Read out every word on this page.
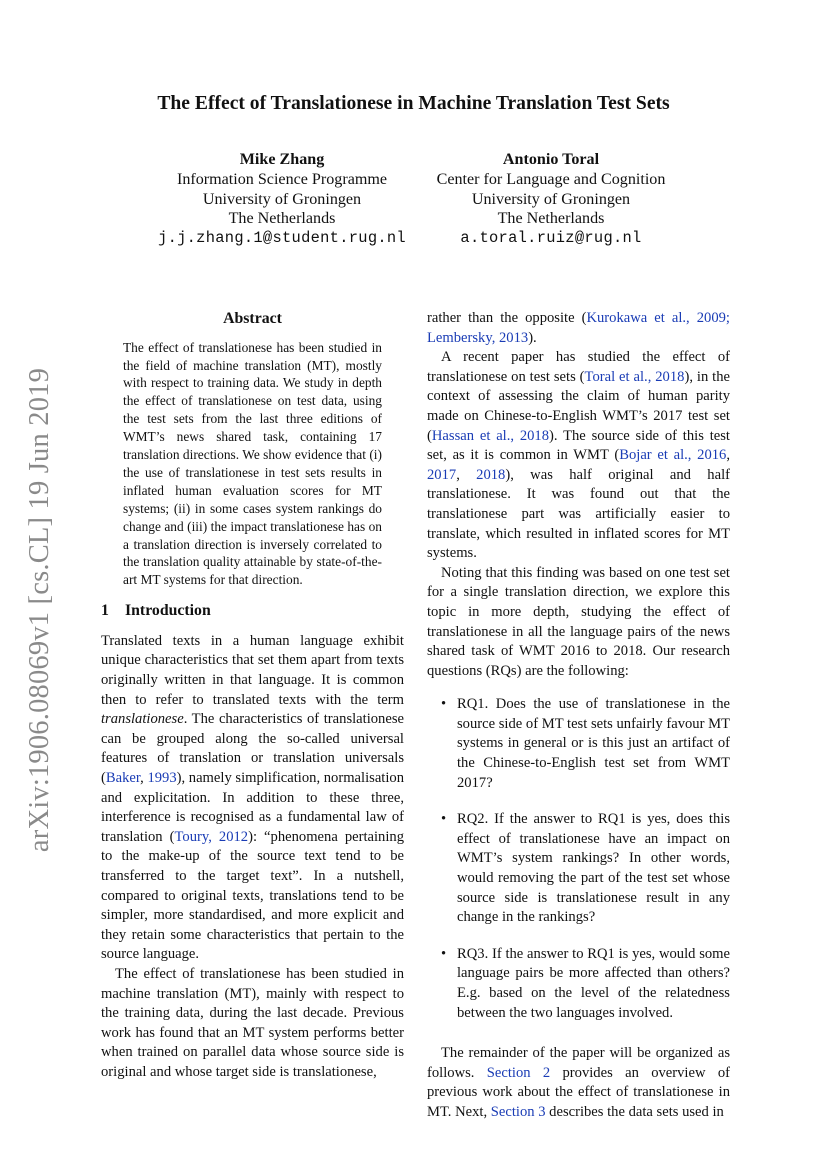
arXiv:1906.08069v1 [cs.CL] 19 Jun 2019
The Effect of Translationese in Machine Translation Test Sets
Mike Zhang
Information Science Programme
University of Groningen
The Netherlands
j.j.zhang.1@student.rug.nl
Antonio Toral
Center for Language and Cognition
University of Groningen
The Netherlands
a.toral.ruiz@rug.nl
Abstract

The effect of translationese has been studied in the field of machine translation (MT), mostly with respect to training data. We study in depth the effect of translationese on test data, using the test sets from the last three editions of WMT’s news shared task, containing 17 translation directions. We show evidence that (i) the use of translationese in test sets results in inflated human evaluation scores for MT systems; (ii) in some cases system rankings do change and (iii) the impact translationese has on a translation direction is inversely correlated to the translation quality attainable by state-of-the-art MT systems for that direction.

1 Introduction

Translated texts in a human language exhibit unique characteristics that set them apart from texts originally written in that language. It is common then to refer to translated texts with the term translationese. The characteristics of translationese can be grouped along the so-called universal features of translation or translation universals (Baker, 1993), namely simplification, normalisation and explicitation. In addition to these three, interference is recognised as a fundamental law of translation (Toury, 2012): “phenomena pertaining to the make-up of the source text tend to be transferred to the target text”. In a nutshell, compared to original texts, translations tend to be simpler, more standardised, and more explicit and they retain some characteristics that pertain to the source language.

The effect of translationese has been studied in machine translation (MT), mainly with respect to the training data, during the last decade. Previous work has found that an MT system performs better when trained on parallel data whose source side is original and whose target side is translationese,

rather than the opposite (Kurokawa et al., 2009; Lembersky, 2013).

A recent paper has studied the effect of translationese on test sets (Toral et al., 2018), in the context of assessing the claim of human parity made on Chinese-to-English WMT’s 2017 test set (Hassan et al., 2018). The source side of this test set, as it is common in WMT (Bojar et al., 2016, 2017, 2018), was half original and half translationese. It was found out that the translationese part was artificially easier to translate, which resulted in inflated scores for MT systems.

Noting that this finding was based on one test set for a single translation direction, we explore this topic in more depth, studying the effect of translationese in all the language pairs of the news shared task of WMT 2016 to 2018. Our research questions (RQs) are the following:

• RQ1. Does the use of translationese in the source side of MT test sets unfairly favour MT systems in general or is this just an artifact of the Chinese-to-English test set from WMT 2017?
• RQ2. If the answer to RQ1 is yes, does this effect of translationese have an impact on WMT’s system rankings? In other words, would removing the part of the test set whose source side is translationese result in any change in the rankings?
• RQ3. If the answer to RQ1 is yes, would some language pairs be more affected than others? E.g. based on the level of the relatedness between the two languages involved.

The remainder of the paper will be organized as follows. Section 2 provides an overview of previous work about the effect of translationese in MT. Next, Section 3 describes the data sets used in
